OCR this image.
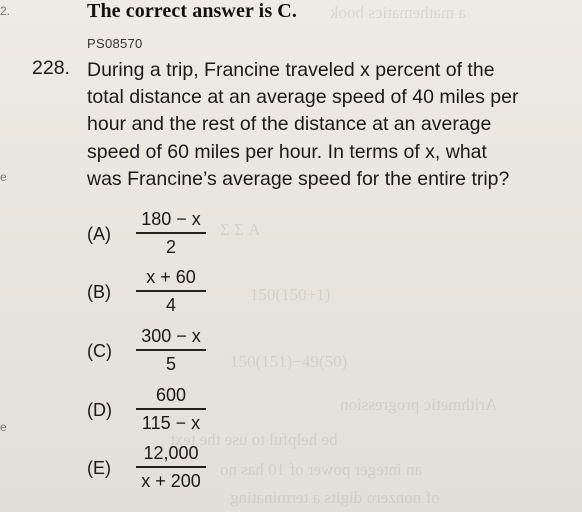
a mathematics book
Σ Σ A
150(150+1)
150(151)−49(50)
Arithmetic progression
be helpful to use the text
an integer power of 10 has no
of nonzero digits a terminating
2.
e
e
The correct answer is C.
PS08570
228. During a trip, Francine traveled x percent of the total distance at an average speed of 40 miles per hour and the rest of the distance at an average speed of 60 miles per hour. In terms of x, what was Francine’s average speed for the entire trip?
(A)
180 − x
2
(B)
x + 60
4
(C)
300 − x
5
(D)
600
115 − x
(E)
12,000
x + 200
